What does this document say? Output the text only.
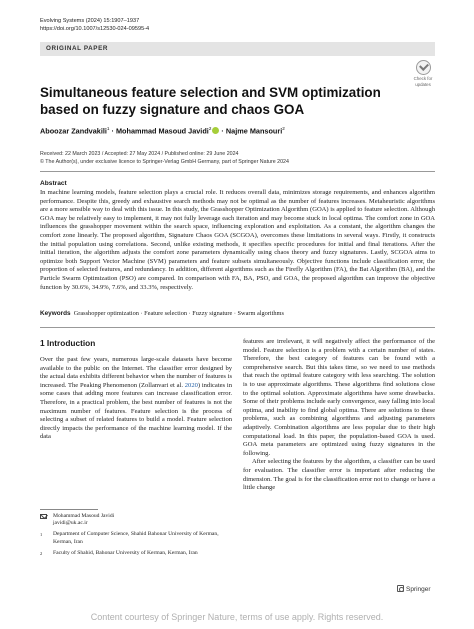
Evolving Systems (2024) 15:1907–1937
https://doi.org/10.1007/s12530-024-09595-4
ORIGINAL PAPER
Check for
updates
Simultaneous feature selection and SVM optimization based on fuzzy signature and chaos GOA
Aboozar Zandvakili$^1$ · Mohammad Masoud Javidi$^2$ · Najme Mansouri$^2$
Received: 22 March 2023 / Accepted: 27 May 2024 / Published online: 29 June 2024
© The Author(s), under exclusive licence to Springer-Verlag GmbH Germany, part of Springer Nature 2024
Abstract

In machine learning models, feature selection plays a crucial role. It reduces overall data, minimizes storage requirements, and enhances algorithm performance. Despite this, greedy and exhaustive search methods may not be optimal as the number of features increases. Metaheuristic algorithms are a more sensible way to deal with this issue. In this study, the Grasshopper Optimization Algorithm (GOA) is applied to feature selection. Although GOA may be relatively easy to implement, it may not fully leverage each iteration and may become stuck in local optima. The comfort zone in GOA influences the grasshopper movement within the search space, influencing exploration and exploitation. As a constant, the algorithm changes the comfort zone linearly. The proposed algorithm, Signature Chaos GOA (SCGOA), overcomes these limitations in several ways. Firstly, it constructs the initial population using correlations. Second, unlike existing methods, it specifies specific procedures for initial and final iterations. After the initial iteration, the algorithm adjusts the comfort zone parameters dynamically using chaos theory and fuzzy signatures. Lastly, SCGOA aims to optimize both Support Vector Machine (SVM) parameters and feature subsets simultaneously. Objective functions include classification error, the proportion of selected features, and redundancy. In addition, different algorithms such as the Firefly Algorithm (FA), the Bat Algorithm (BA), and the Particle Swarm Optimization (PSO) are compared. In comparison with FA, BA, PSO, and GOA, the proposed algorithm can improve the objective function by 30.6%, 34.9%, 7.6%, and 33.3%, respectively.

Keywords Grasshopper optimization · Feature selection · Fuzzy signature · Swarm algorithms

1 Introduction

Over the past few years, numerous large-scale datasets have become available to the public on the Internet. The classifier error designed by the actual data exhibits different behavior when the number of features is increased. The Peaking Phenomenon (Zollanvari et al. 2020) indicates in some cases that adding more features can increase classification error. Therefore, in a practical problem, the best number of features is not the maximum number of features. Feature selection is the process of selecting a subset of related features to build a model. Feature selection directly impacts the performance of the machine learning model. If the data

features are irrelevant, it will negatively affect the performance of the model. Feature selection is a problem with a certain number of states. Therefore, the best category of features can be found with a comprehensive search. But this takes time, so we need to use methods that reach the optimal feature category with less searching. The solution is to use approximate algorithms. These algorithms find solutions close to the optimal solution. Approximate algorithms have some drawbacks. Some of their problems include early convergence, easy falling into local optima, and inability to find global optima. There are solutions to these problems, such as combining algorithms and adjusting parameters adaptively. Combination algorithms are less popular due to their high computational load. In this paper, the population-based GOA is used. GOA meta parameters are optimized using fuzzy signatures in the following.

After selecting the features by the algorithm, a classifier can be used for evaluation. The classifier error is important after reducing the dimension. The goal is for the classification error not to change or have a little change

Mohammad Masoud Javidi
javidi@uk.ac.ir
1 Department of Computer Science, Shahid Bahonar University of Kerman, Kerman, Iran
2 Faculty of Shahid, Bahonar University of Kerman, Kerman, Iran
Springer
Content courtesy of Springer Nature, terms of use apply. Rights reserved.
